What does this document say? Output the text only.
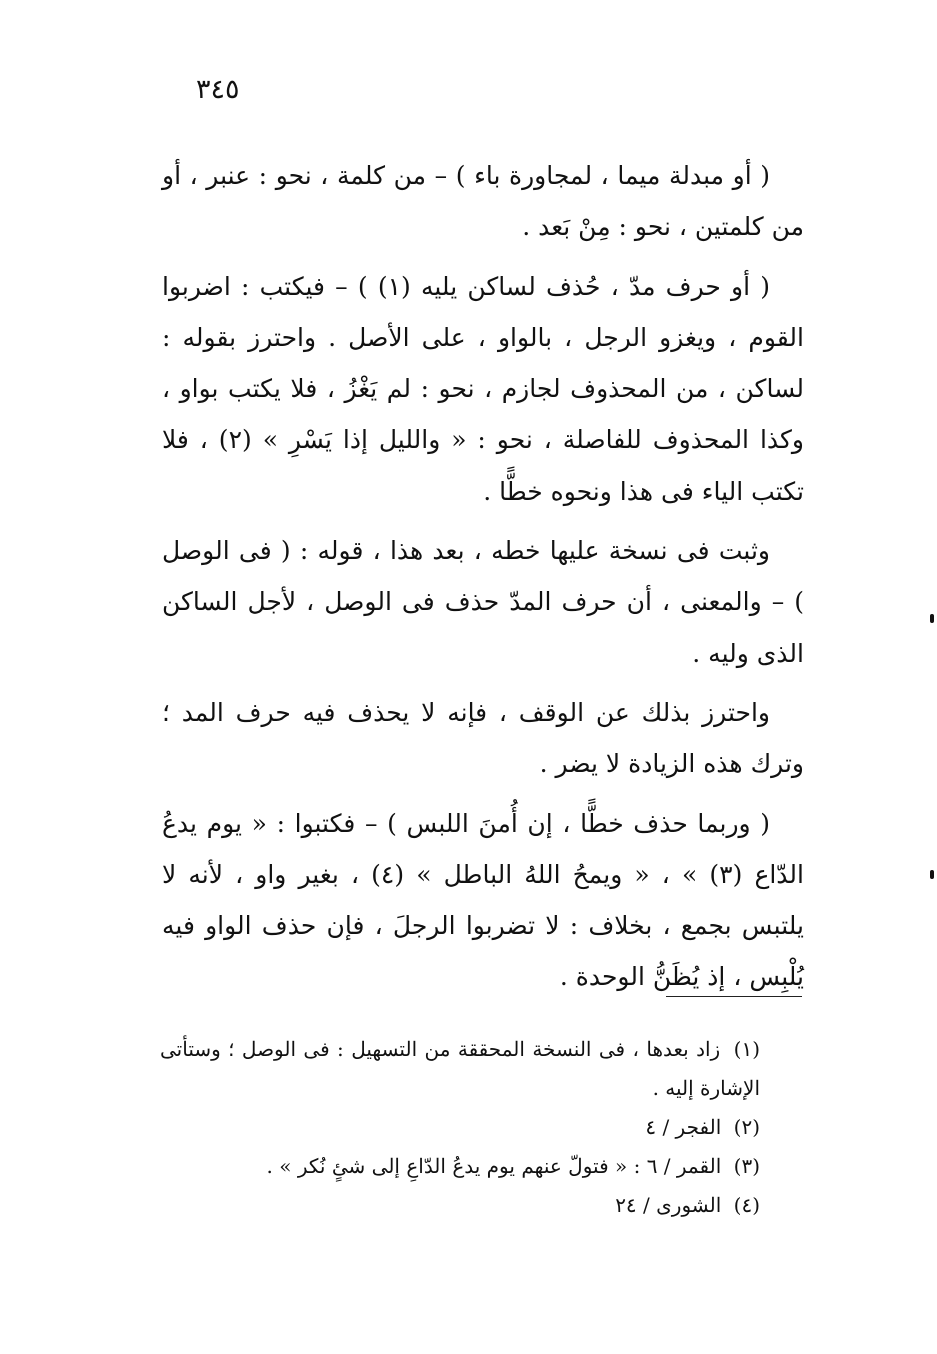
٣٤٥

( أو مبدلة ميما ، لمجاورة باء ) – من كلمة ، نحو : عنبر ، أو من كلمتين ، نحو : مِنْ بَعد .

( أو حرف مدّ ، حُذف لساكن يليه (١) ) – فيكتب : اضربوا القوم ، ويغزو الرجل ، بالواو ، على الأصل . واحترز بقوله : لساكن ، من المحذوف لجازم ، نحو : لم يَغْزُ ، فلا يكتب بواو ، وكذا المحذوف للفاصلة ، نحو : « والليل إذا يَسْرِ » (٢) ، فلا تكتب الياء فى هذا ونحوه خطًّا .

وثبت فى نسخة عليها خطه ، بعد هذا ، قوله : ( فى الوصل ) – والمعنى ، أن حرف المدّ حذف فى الوصل ، لأجل الساكن الذى وليه .

واحترز بذلك عن الوقف ، فإنه لا يحذف فيه حرف المد ؛ وترك هذه الزيادة لا يضر .

( وربما حذف خطًّا ، إن أُمنَ اللبس ) – فكتبوا : « يوم يدعُ الدّاع (٣) » ، « ويمحُ اللهُ الباطل » (٤) ، بغير واو ، لأنه لا يلتبس بجمع ، بخلاف : لا تضربوا الرجلَ ، فإن حذف الواو فيه يُلْبِس ، إذ يُظَنُّ الوحدة .

(١) زاد بعدها ، فى النسخة المحققة من التسهيل : فى الوصل ؛ وستأتى الإشارة إليه .

(٢) الفجر / ٤

(٣) القمر / ٦ : « فتولّ عنهم يوم يدعُ الدّاعِ إلى شئٍ نُكر » .

(٤) الشورى / ٢٤
